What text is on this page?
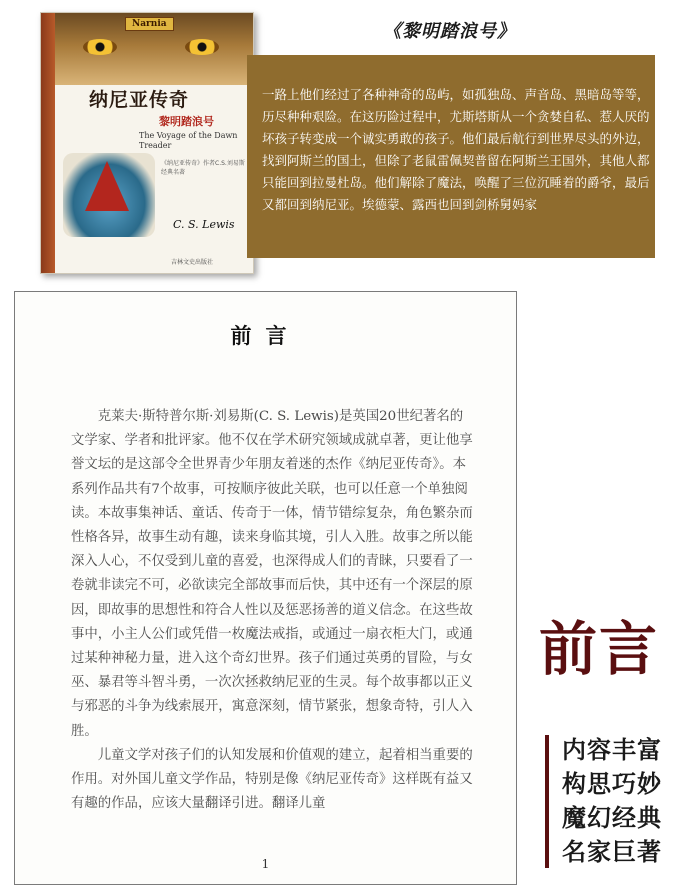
Narnia
纳尼亚传奇
黎明踏浪号
The Voyage of the Dawn Treader
《纳尼亚传奇》作者C.S.刘易斯经典名著
C. S. Lewis
吉林文史出版社
《黎明踏浪号》

一路上他们经过了各种神奇的岛屿，如孤独岛、声音岛、黑暗岛等等，历尽种种艰险。在这历险过程中，尤斯塔斯从一个贪婪自私、惹人厌的坏孩子转变成一个诚实勇敢的孩子。他们最后航行到世界尽头的外边，找到阿斯兰的国土，但除了老鼠雷佩契普留在阿斯兰王国外，其他人都只能回到拉曼杜岛。他们解除了魔法，唤醒了三位沉睡着的爵爷，最后又都回到纳尼亚。埃德蒙、露西也回到剑桥舅妈家

前言

克莱夫·斯特普尔斯·刘易斯(C. S. Lewis)是英国20世纪著名的文学家、学者和批评家。他不仅在学术研究领域成就卓著，更让他享誉文坛的是这部令全世界青少年朋友着迷的杰作《纳尼亚传奇》。本系列作品共有7个故事，可按顺序彼此关联，也可以任意一个单独阅读。本故事集神话、童话、传奇于一体，情节错综复杂，角色繁杂而性格各异，故事生动有趣，读来身临其境，引人入胜。故事之所以能深入人心，不仅受到儿童的喜爱，也深得成人们的青睐，只要看了一卷就非读完不可，必欲读完全部故事而后快，其中还有一个深层的原因，即故事的思想性和符合人性以及惩恶扬善的道义信念。在这些故事中，小主人公们或凭借一枚魔法戒指，或通过一扇衣柜大门，或通过某种神秘力量，进入这个奇幻世界。孩子们通过英勇的冒险，与女巫、暴君等斗智斗勇，一次次拯救纳尼亚的生灵。每个故事都以正义与邪恶的斗争为线索展开，寓意深刻，情节紧张，想象奇特，引人入胜。

儿童文学对孩子们的认知发展和价值观的建立，起着相当重要的作用。对外国儿童文学作品，特别是像《纳尼亚传奇》这样既有益又有趣的作品，应该大量翻译引进。翻译儿童

1
前言
内容丰富
构思巧妙
魔幻经典
名家巨著
